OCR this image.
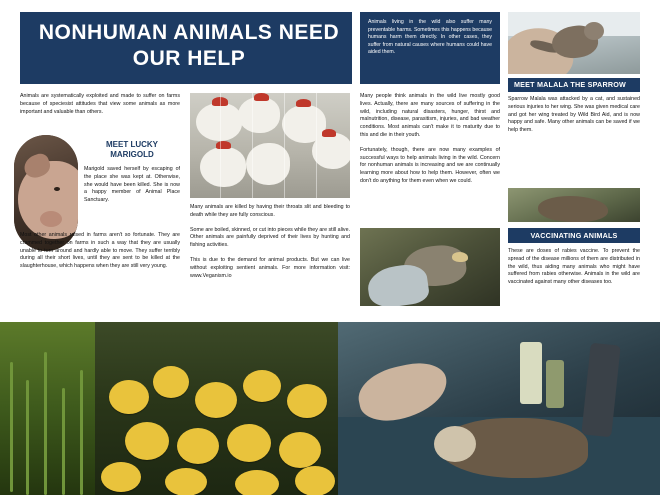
NONHUMAN ANIMALS NEED OUR HELP
Animals living in the wild also suffer many preventable harms. Sometimes this happens because humans harm them directly. In other cases, they suffer from natural causes where humans could have aided them.
MEET MALALA THE SPARROW
Sparrow Malala was attacked by a cat, and sustained serious injuries to her wing. She was given medical care and got her wing treated by Wild Bird Aid, and is now happy and safe. Many other animals can be saved if we help them.
Animals are systematically exploited and made to suffer on farms because of speciesist attitudes that view some animals as more important and valuable than others.
MEET LUCKY MARIGOLD
Marigold saved herself by escaping of the place she was kept at. Otherwise, she would have been killed. She is now a happy member of Animal Place Sanctuary.
Most other animals raised in farms aren't so fortunate. They are crammed together on farms in such a way that they are usually unable to turn around and hardly able to move. They suffer terribly during all their short lives, until they are sent to be killed at the slaughterhouse, which happens when they are still very young.

Many animals are killed by having their throats slit and bleeding to death while they are fully conscious.

Some are boiled, skinned, or cut into pieces while they are still alive. Other animals are painfully deprived of their lives by hunting and fishing activities.

This is due to the demand for animal products. But we can live without exploiting sentient animals. For more information visit: www.Veganism.io

Many people think animals in the wild live mostly good lives. Actually, there are many sources of suffering in the wild, including natural disasters, hunger, thirst and malnutrition, disease, parasitism, injuries, and bad weather conditions. Most animals can't make it to maturity due to this and die in their youth.

Fortunately, though, there are now many examples of successful ways to help animals living in the wild. Concern for nonhuman animals is increasing and we are continually learning more about how to help them. However, often we don't do anything for them even when we could.

VACCINATING ANIMALS
These are doses of rabies vaccine. To prevent the spread of the disease millions of them are distributed in the wild, thus aiding many animals who might have suffered from rabies otherwise. Animals in the wild are vaccinated against many other diseases too.
